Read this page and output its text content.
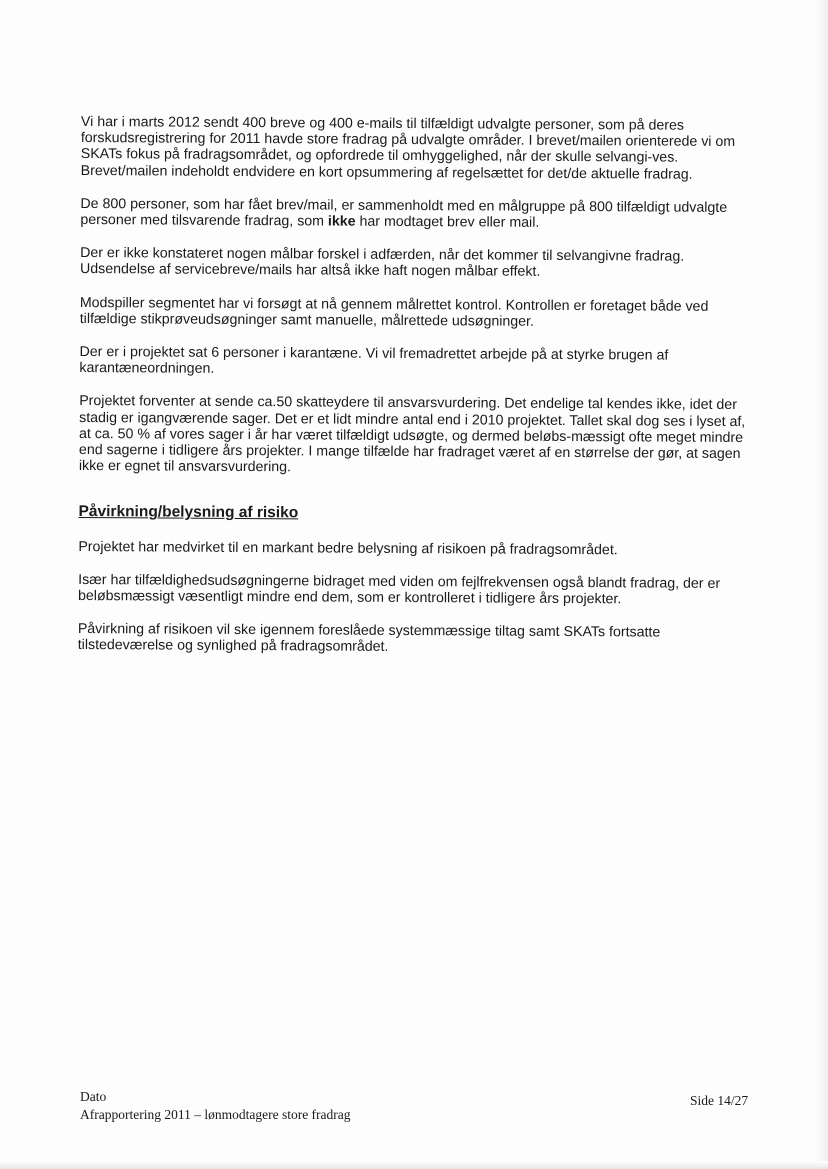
Vi har i marts 2012 sendt 400 breve og 400 e-mails til tilfældigt udvalgte personer, som på deres forskudsregistrering for 2011 havde store fradrag på udvalgte områder. I brevet/mailen orienterede vi om SKATs fokus på fradragsområdet, og opfordrede til omhyggelighed, når der skulle selvangi-ves. Brevet/mailen indeholdt endvidere en kort opsummering af regelsættet for det/de aktuelle fradrag.

De 800 personer, som har fået brev/mail, er sammenholdt med en målgruppe på 800 tilfældigt udvalgte personer med tilsvarende fradrag, som ikke har modtaget brev eller mail.

Der er ikke konstateret nogen målbar forskel i adfærden, når det kommer til selvangivne fradrag. Udsendelse af servicebreve/mails har altså ikke haft nogen målbar effekt.

Modspiller segmentet har vi forsøgt at nå gennem målrettet kontrol. Kontrollen er foretaget både ved tilfældige stikprøveudsøgninger samt manuelle, målrettede udsøgninger.

Der er i projektet sat 6 personer i karantæne. Vi vil fremadrettet arbejde på at styrke brugen af karantæneordningen.

Projektet forventer at sende ca.50 skatteydere til ansvarsvurdering. Det endelige tal kendes ikke, idet der stadig er igangværende sager. Det er et lidt mindre antal end i 2010 projektet. Tallet skal dog ses i lyset af, at ca. 50 % af vores sager i år har været tilfældigt udsøgte, og dermed beløbs-mæssigt ofte meget mindre end sagerne i tidligere års projekter. I mange tilfælde har fradraget været af en størrelse der gør, at sagen ikke er egnet til ansvarsvurdering.

Påvirkning/belysning af risiko

Projektet har medvirket til en markant bedre belysning af risikoen på fradragsområdet.

Især har tilfældighedsudsøgningerne bidraget med viden om fejlfrekvensen også blandt fradrag, der er beløbsmæssigt væsentligt mindre end dem, som er kontrolleret i tidligere års projekter.

Påvirkning af risikoen vil ske igennem foreslåede systemmæssige tiltag samt SKATs fortsatte tilstedeværelse og synlighed på fradragsområdet.

Dato
Afrapportering 2011 – lønmodtagere store fradrag
Side 14/27
